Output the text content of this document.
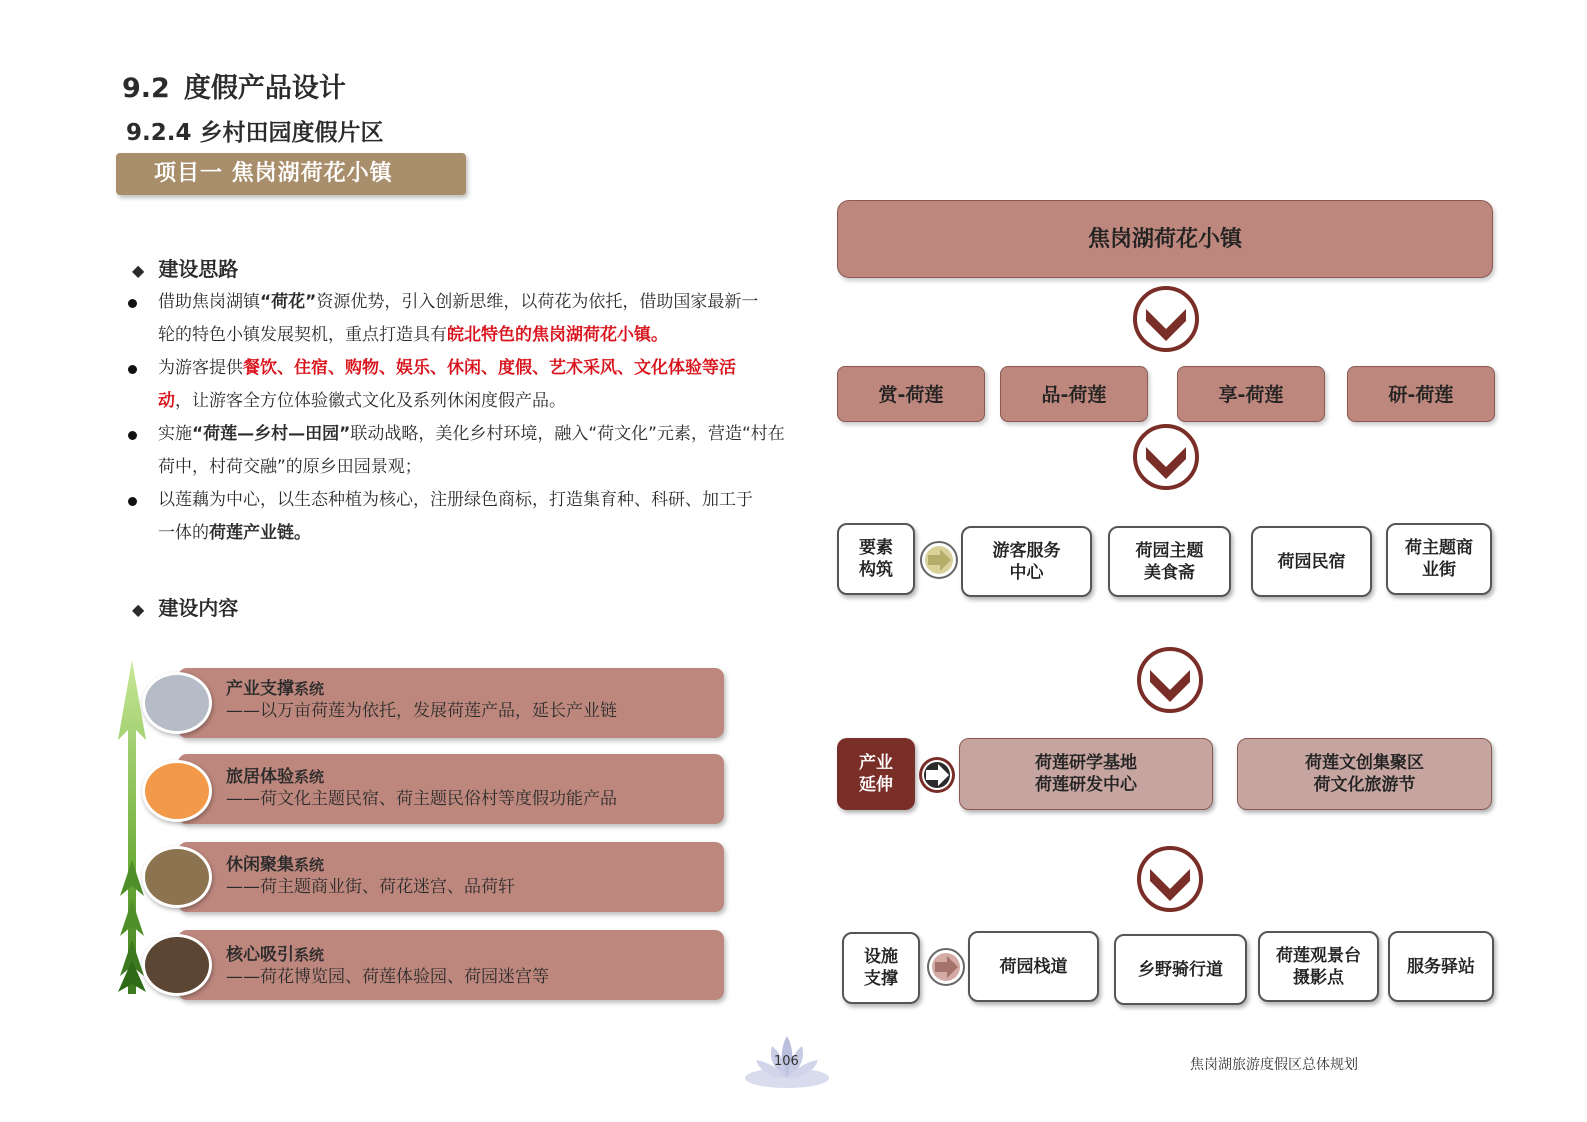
9.2 度假产品设计
9.2.4 乡村田园度假片区
项目一 焦岗湖荷花小镇
◆ 建设思路
借助焦岗湖镇“荷花”资源优势，引入创新思维，以荷花为依托，借助国家最新一轮的特色小镇发展契机，重点打造具有皖北特色的焦岗湖荷花小镇。
为游客提供餐饮、住宿、购物、娱乐、休闲、度假、艺术采风、文化体验等活动，让游客全方位体验徽式文化及系列休闲度假产品。
实施“荷莲—乡村—田园”联动战略，美化乡村环境，融入“荷文化”元素，营造“村在荷中，村荷交融”的原乡田园景观；
以莲藕为中心，以生态种植为核心，注册绿色商标，打造集育种、科研、加工于一体的荷莲产业链。
◆ 建设内容
产业支撑系统
——以万亩荷莲为依托，发展荷莲产品，延长产业链
旅居体验系统
——荷文化主题民宿、荷主题民俗村等度假功能产品
休闲聚集系统
——荷主题商业街、荷花迷宫、品荷轩
核心吸引系统
——荷花博览园、荷莲体验园、荷园迷宫等
焦岗湖荷花小镇
赏-荷莲	品-荷莲	享-荷莲	研-荷莲
要素构筑
游客服务中心
荷园主题美食斋
荷园民宿
荷主题商业街
产业延伸
荷莲研学基地
荷莲研发中心
荷莲文创集聚区
荷文化旅游节
设施支撑
荷园栈道	乡野骑行道
荷莲观景台
摄影点
服务驿站
106	焦岗湖旅游度假区总体规划
